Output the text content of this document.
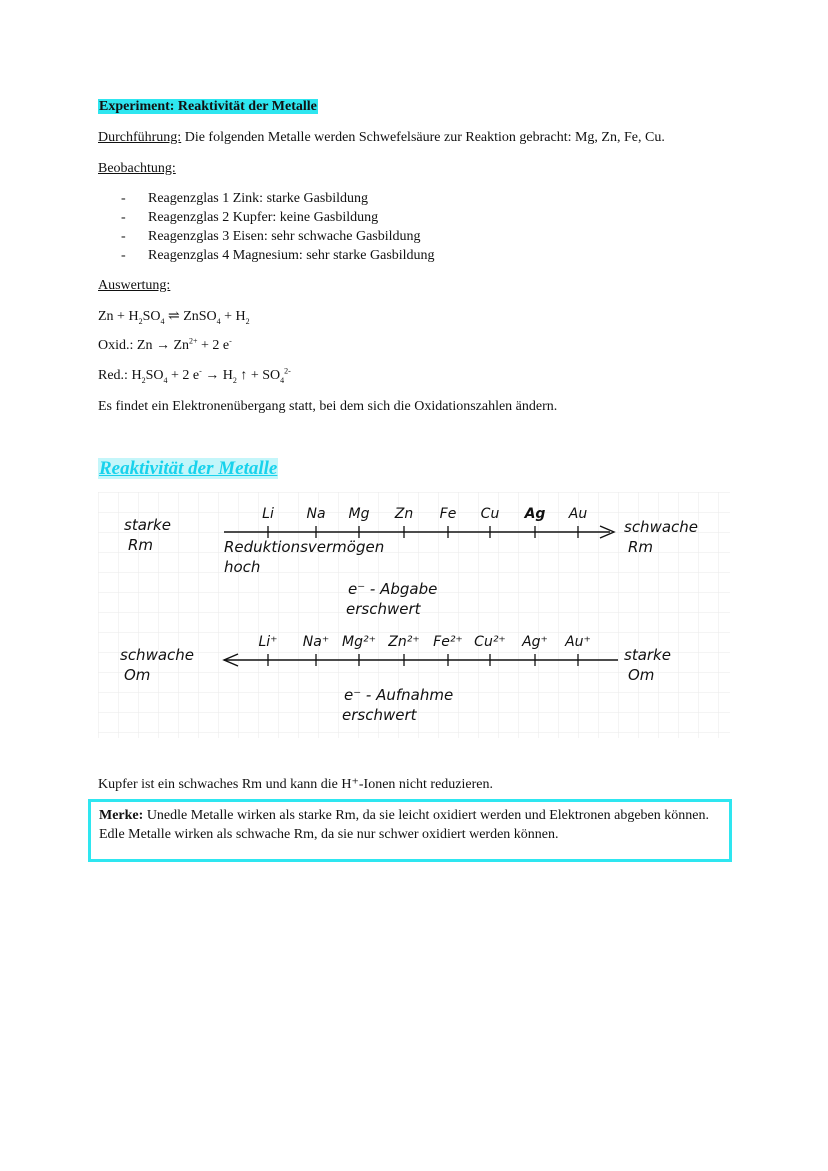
Experiment: Reaktivität der Metalle
Durchführung: Die folgenden Metalle werden Schwefelsäure zur Reaktion gebracht: Mg, Zn, Fe, Cu.
Beobachtung:
- Reagenzglas 1 Zink: starke Gasbildung
- Reagenzglas 2 Kupfer: keine Gasbildung
- Reagenzglas 3 Eisen: sehr schwache Gasbildung
- Reagenzglas 4 Magnesium: sehr starke Gasbildung
Auswertung:
$Zn + H_2SO_4$ ⇌ ZnSO$_4$ + $H_2$
Oxid.: $Zn \to Zn^{2+} + 2$ e-
Red.: $H_2SO_4 + 2$ $e^- \to H_2$ ↑ + $SO_4^{2-}$
Es findet ein Elektronenübergang statt, bei dem sich die Oxidationszahlen ändern.
Reaktivität der Metalle
Li Na Mg Zn Fe Cu Ag Au
starke
Rm
schwache
Rm
Reduktionsvermögen
hoch
e⁻ - Abgabe
erschwert
Li⁺ Na⁺ Mg²⁺ Zn²⁺ Fe²⁺ Cu²⁺ Ag⁺ Au⁺
schwache
Om
starke
Om
e⁻ - Aufnahme
erschwert
Kupfer ist ein schwaches Rm und kann die H⁺-Ionen nicht reduzieren.
Merke: Unedle Metalle wirken als starke Rm, da sie leicht oxidiert werden und Elektronen abgeben können.
Edle Metalle wirken als schwache Rm, da sie nur schwer oxidiert werden können.
